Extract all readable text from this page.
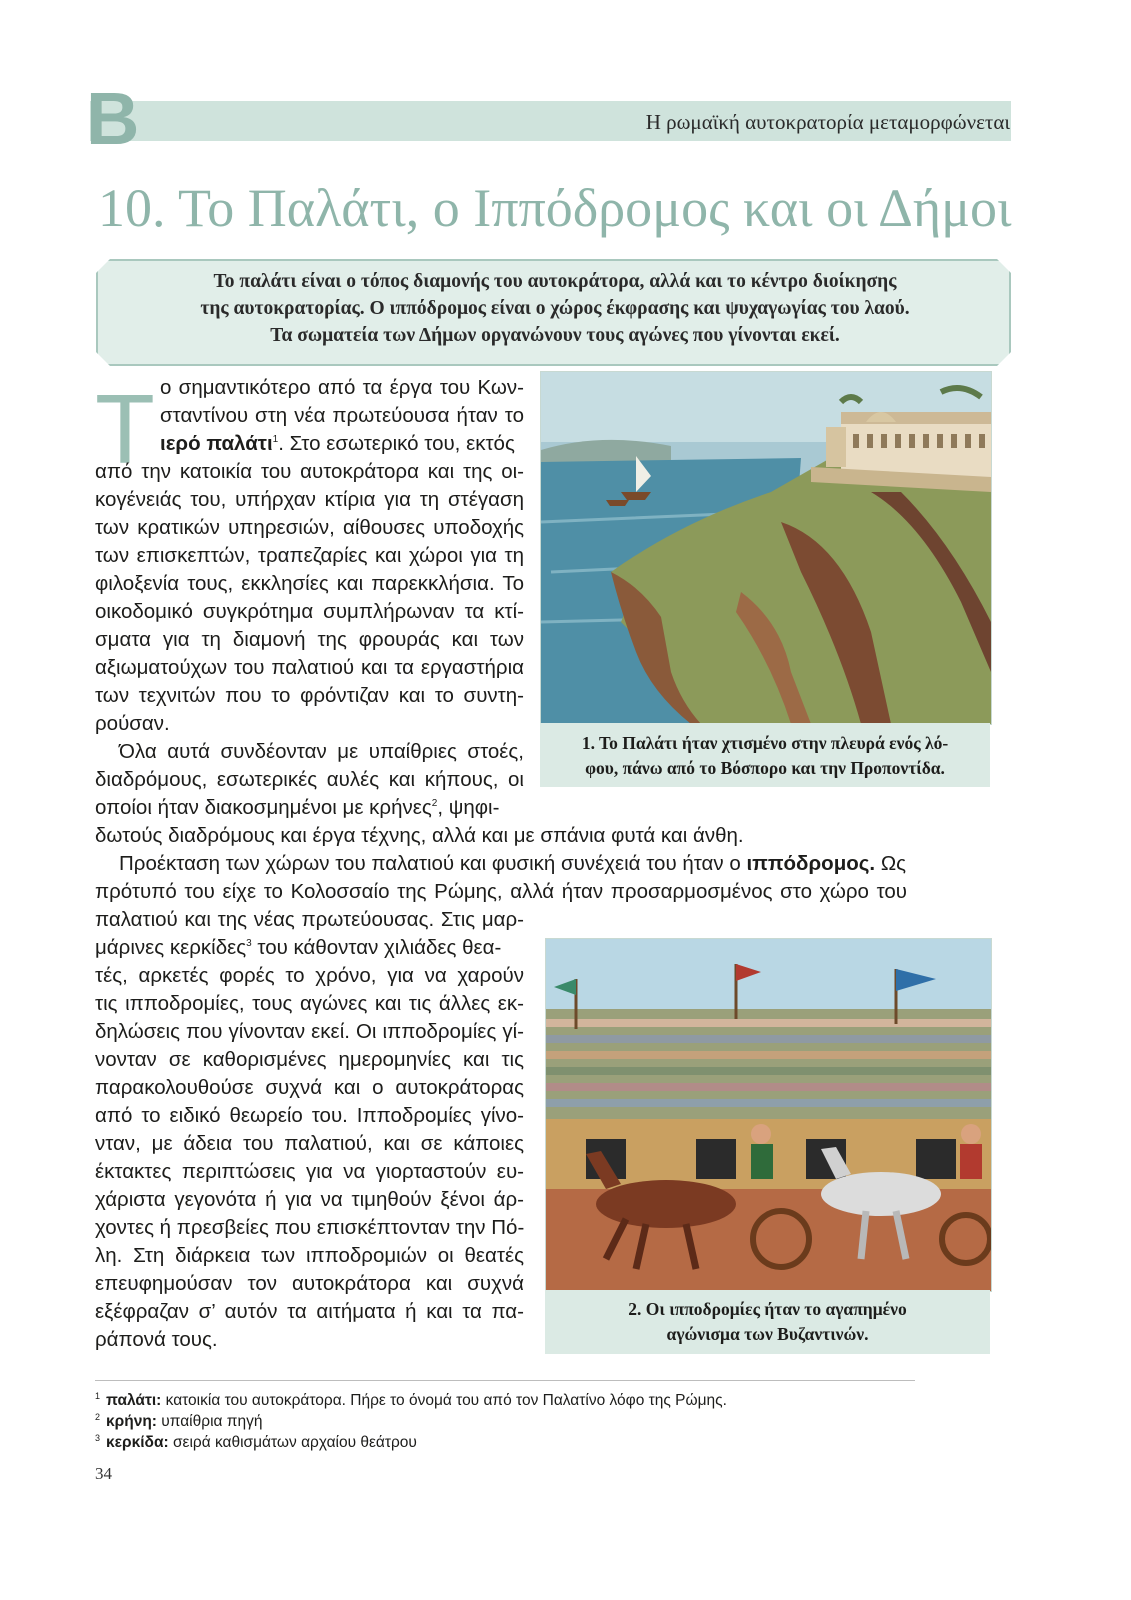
B	Η ρωμαϊκή αυτοκρατορία μεταμορφώνεται
10. Το Παλάτι, ο Ιππόδρομος και οι Δήμοι
Το παλάτι είναι ο τόπος διαμονής του αυτοκράτορα, αλλά και το κέντρο διοίκησης
της αυτοκρατορίας. Ο ιππόδρομος είναι ο χώρος έκφρασης και ψυχαγωγίας του λαού.
Τα σωματεία των Δήμων οργανώνουν τους αγώνες που γίνονται εκεί.
Τ ο σημαντικότερο από τα έργα του Κων-
σταντίνου στη νέα πρωτεύουσα ήταν το
ιερό παλάτι$^1$. Στο εσωτερικό του, εκτός
από την κατοικία του αυτοκράτορα και της οι-
κογένειάς του, υπήρχαν κτίρια για τη στέγαση
των κρατικών υπηρεσιών, αίθουσες υποδοχής
των επισκεπτών, τραπεζαρίες και χώροι για τη
φιλοξενία τους, εκκλησίες και παρεκκλήσια. Το
οικοδομικό συγκρότημα συμπλήρωναν τα κτί-
σματα για τη διαμονή της φρουράς και των
αξιωματούχων του παλατιού και τα εργαστήρια
των τεχνιτών που το φρόντιζαν και το συντη-
ρούσαν.
Όλα αυτά συνδέονταν με υπαίθριες στοές,
διαδρόμους, εσωτερικές αυλές και κήπους, οι
οποίοι ήταν διακοσμημένοι με κρήνες$^2$, ψηφι-
δωτούς διαδρόμους και έργα τέχνης, αλλά και με σπάνια φυτά και άνθη.
Προέκταση των χώρων του παλατιού και φυσική συνέχειά του ήταν ο ιππόδρομος. Ως
πρότυπό του είχε το Κολοσσαίο της Ρώμης, αλλά ήταν προσαρμοσμένος στο χώρο του
παλατιού και της νέας πρωτεύουσας. Στις μαρ-
μάρινες κερκίδες$^3$ του κάθονταν χιλιάδες θεα-
τές, αρκετές φορές το χρόνο, για να χαρούν
τις ιπποδρομίες, τους αγώνες και τις άλλες εκ-
δηλώσεις που γίνονταν εκεί. Οι ιπποδρομίες γί-
νονταν σε καθορισμένες ημερομηνίες και τις
παρακολουθούσε συχνά και ο αυτοκράτορας
από το ειδικό θεωρείο του. Ιπποδρομίες γίνο-
νταν, με άδεια του παλατιού, και σε κάποιες
έκτακτες περιπτώσεις για να γιορταστούν ευ-
χάριστα γεγονότα ή για να τιμηθούν ξένοι άρ-
χοντες ή πρεσβείες που επισκέπτονταν την Πό-
λη. Στη διάρκεια των ιπποδρομιών οι θεατές
επευφημούσαν τον αυτοκράτορα και συχνά
εξέφραζαν σ’ αυτόν τα αιτήματα ή και τα πα-
ράπονά τους.
1. Το Παλάτι ήταν χτισμένο στην πλευρά ενός λό-
φου, πάνω από το Βόσπορο και την Προποντίδα.
2. Οι ιπποδρομίες ήταν το αγαπημένο
αγώνισμα των Βυζαντινών.
$^1$ παλάτι: κατοικία του αυτοκράτορα. Πήρε το όνομά του από τον Παλατίνο λόφο της Ρώμης.
$^2$ κρήνη: υπαίθρια πηγή
$^3$ κερκίδα: σειρά καθισμάτων αρχαίου θεάτρου
34
